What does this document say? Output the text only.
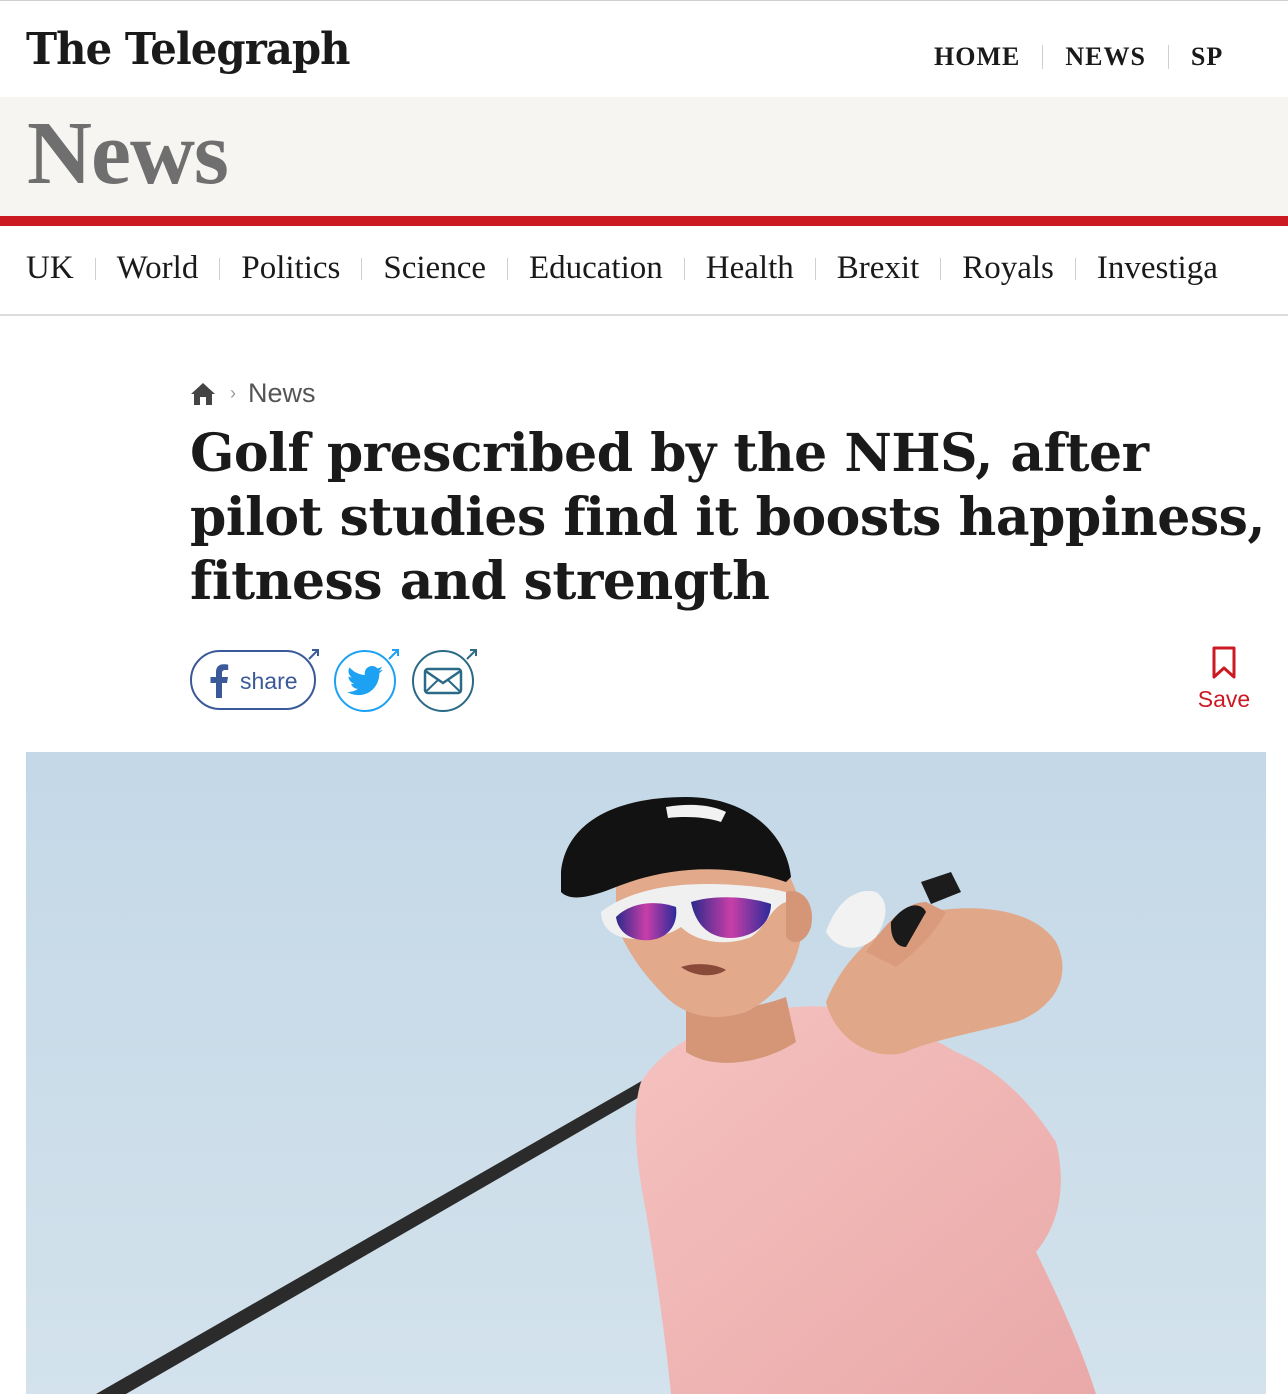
The Telegraph	HOME	NEWS	SP
News
UK World Politics Science Education Health Brexit Royals Investiga
› News
Golf prescribed by the NHS, after pilot studies find it boosts happiness, fitness and strength
share
Save
